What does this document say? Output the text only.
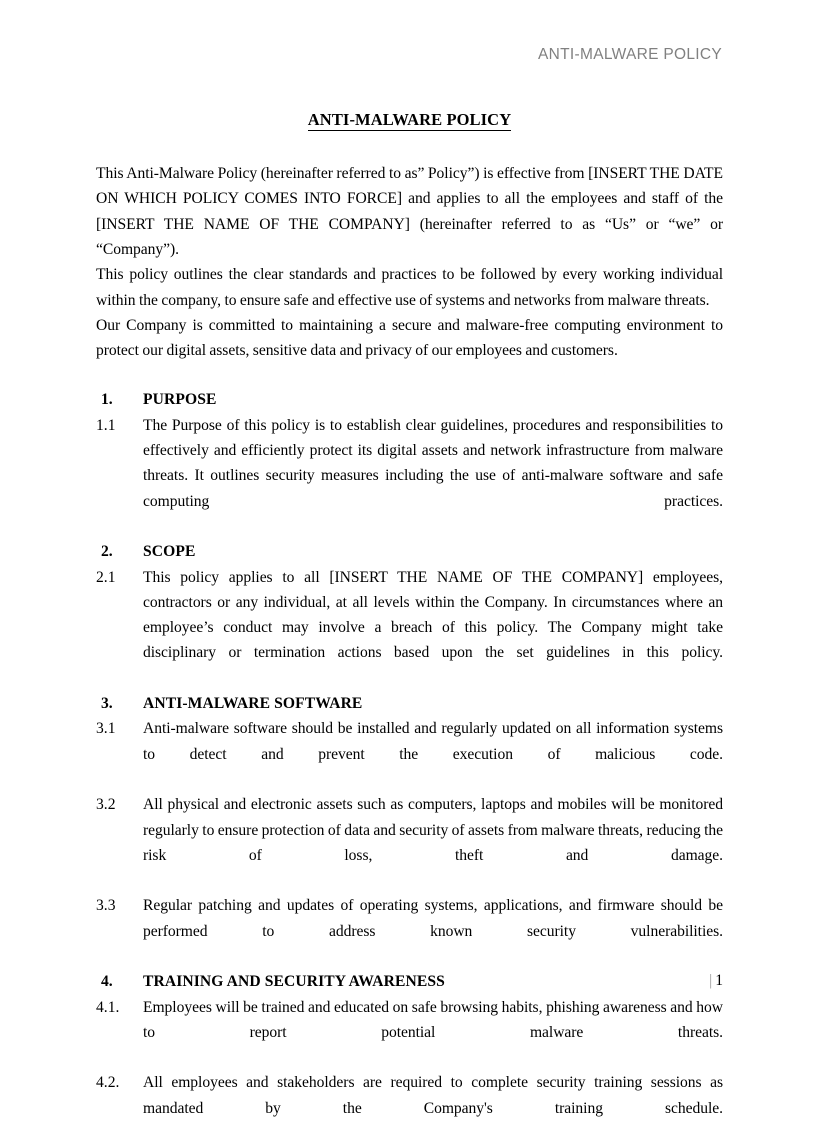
ANTI-MALWARE POLICY
ANTI-MALWARE POLICY

This Anti-Malware Policy (hereinafter referred to as” Policy”) is effective from [INSERT THE DATE ON WHICH POLICY COMES INTO FORCE] and applies to all the employees and staff of the [INSERT THE NAME OF THE COMPANY] (hereinafter referred to as “Us” or “we” or “Company”).

This policy outlines the clear standards and practices to be followed by every working individual within the company, to ensure safe and effective use of systems and networks from malware threats.

Our Company is committed to maintaining a secure and malware-free computing environment to protect our digital assets, sensitive data and privacy of our employees and customers.

1.	PURPOSE
1.1	The Purpose of this policy is to establish clear guidelines, procedures and responsibilities to effectively and efficiently protect its digital assets and network infrastructure from malware threats. It outlines security measures including the use of anti-malware software and safe computing practices.
2.	SCOPE
2.1	This policy applies to all [INSERT THE NAME OF THE COMPANY] employees, contractors or any individual, at all levels within the Company. In circumstances where an employee’s conduct may involve a breach of this policy. The Company might take disciplinary or termination actions based upon the set guidelines in this policy.
3.	ANTI-MALWARE SOFTWARE
3.1	Anti-malware software should be installed and regularly updated on all information systems to detect and prevent the execution of malicious code.
3.2	All physical and electronic assets such as computers, laptops and mobiles will be monitored regularly to ensure protection of data and security of assets from malware threats, reducing the risk of loss, theft and damage.
3.3	Regular patching and updates of operating systems, applications, and firmware should be performed to address known security vulnerabilities.
4.	TRAINING AND SECURITY AWARENESS
4.1.	Employees will be trained and educated on safe browsing habits, phishing awareness and how to report potential malware threats.
4.2.	All employees and stakeholders are required to complete security training sessions as mandated by the Company's training schedule.
| 1
